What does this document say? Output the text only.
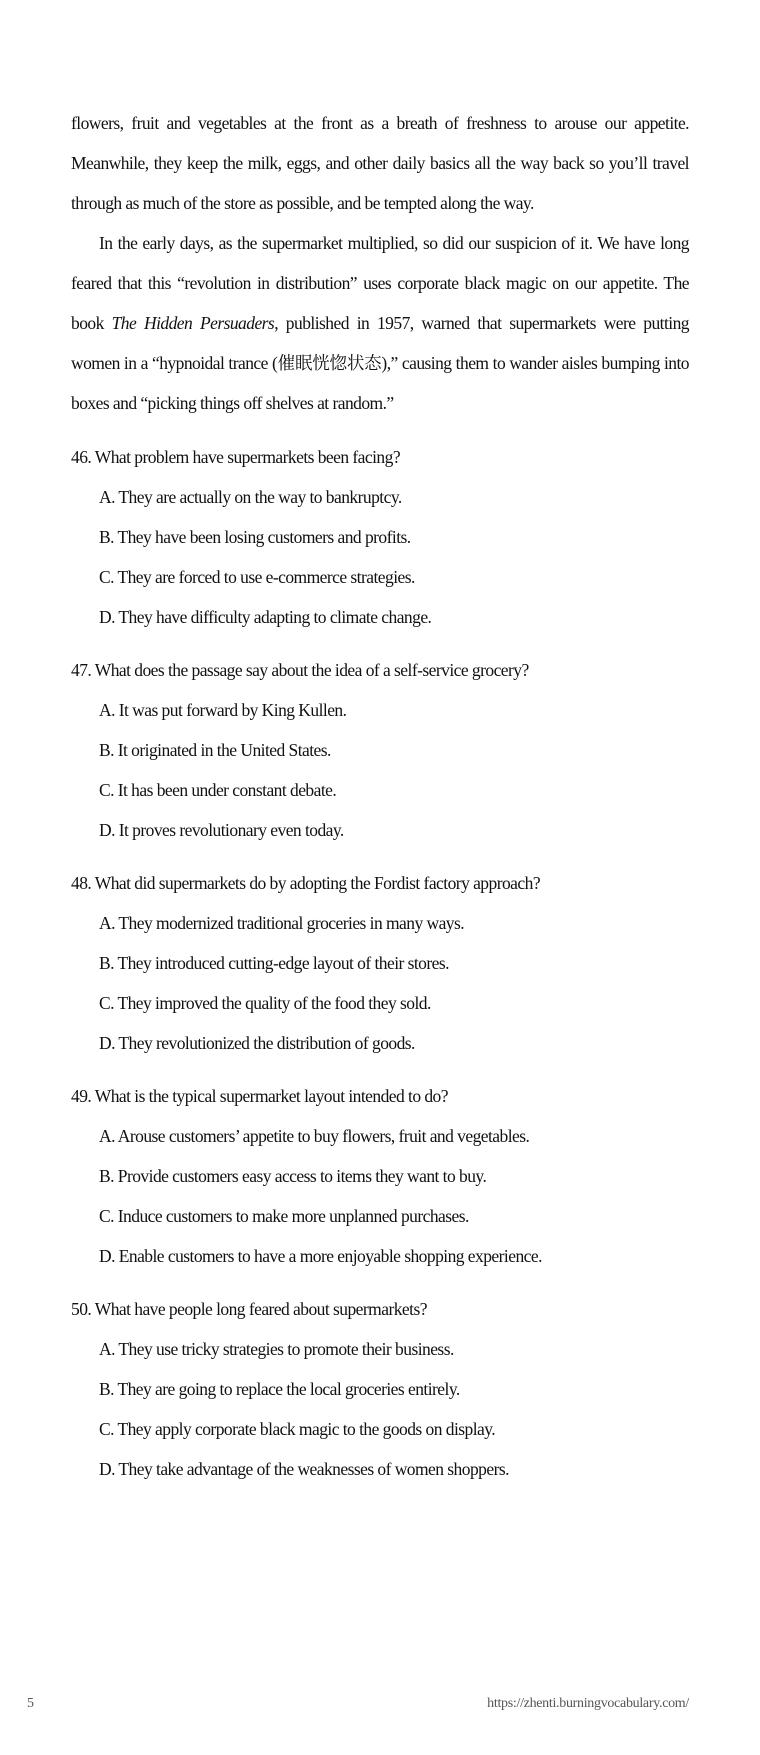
flowers, fruit and vegetables at the front as a breath of freshness to arouse our appetite. Meanwhile, they keep the milk, eggs, and other daily basics all the way back so you’ll travel through as much of the store as possible, and be tempted along the way.

In the early days, as the supermarket multiplied, so did our suspicion of it. We have long feared that this “revolution in distribution” uses corporate black magic on our appetite. The book The Hidden Persuaders, published in 1957, warned that supermarkets were putting women in a “hypnoidal trance (催眠恍惚状态),” causing them to wander aisles bumping into boxes and “picking things off shelves at random.”

46. What problem have supermarkets been facing?
A. They are actually on the way to bankruptcy.
B. They have been losing customers and profits.
C. They are forced to use e-commerce strategies.
D. They have difficulty adapting to climate change.
47. What does the passage say about the idea of a self-service grocery?
A. It was put forward by King Kullen.
B. It originated in the United States.
C. It has been under constant debate.
D. It proves revolutionary even today.
48. What did supermarkets do by adopting the Fordist factory approach?
A. They modernized traditional groceries in many ways.
B. They introduced cutting-edge layout of their stores.
C. They improved the quality of the food they sold.
D. They revolutionized the distribution of goods.
49. What is the typical supermarket layout intended to do?
A. Arouse customers’ appetite to buy flowers, fruit and vegetables.
B. Provide customers easy access to items they want to buy.
C. Induce customers to make more unplanned purchases.
D. Enable customers to have a more enjoyable shopping experience.
50. What have people long feared about supermarkets?
A. They use tricky strategies to promote their business.
B. They are going to replace the local groceries entirely.
C. They apply corporate black magic to the goods on display.
D. They take advantage of the weaknesses of women shoppers.
5	https://zhenti.burningvocabulary.com/
